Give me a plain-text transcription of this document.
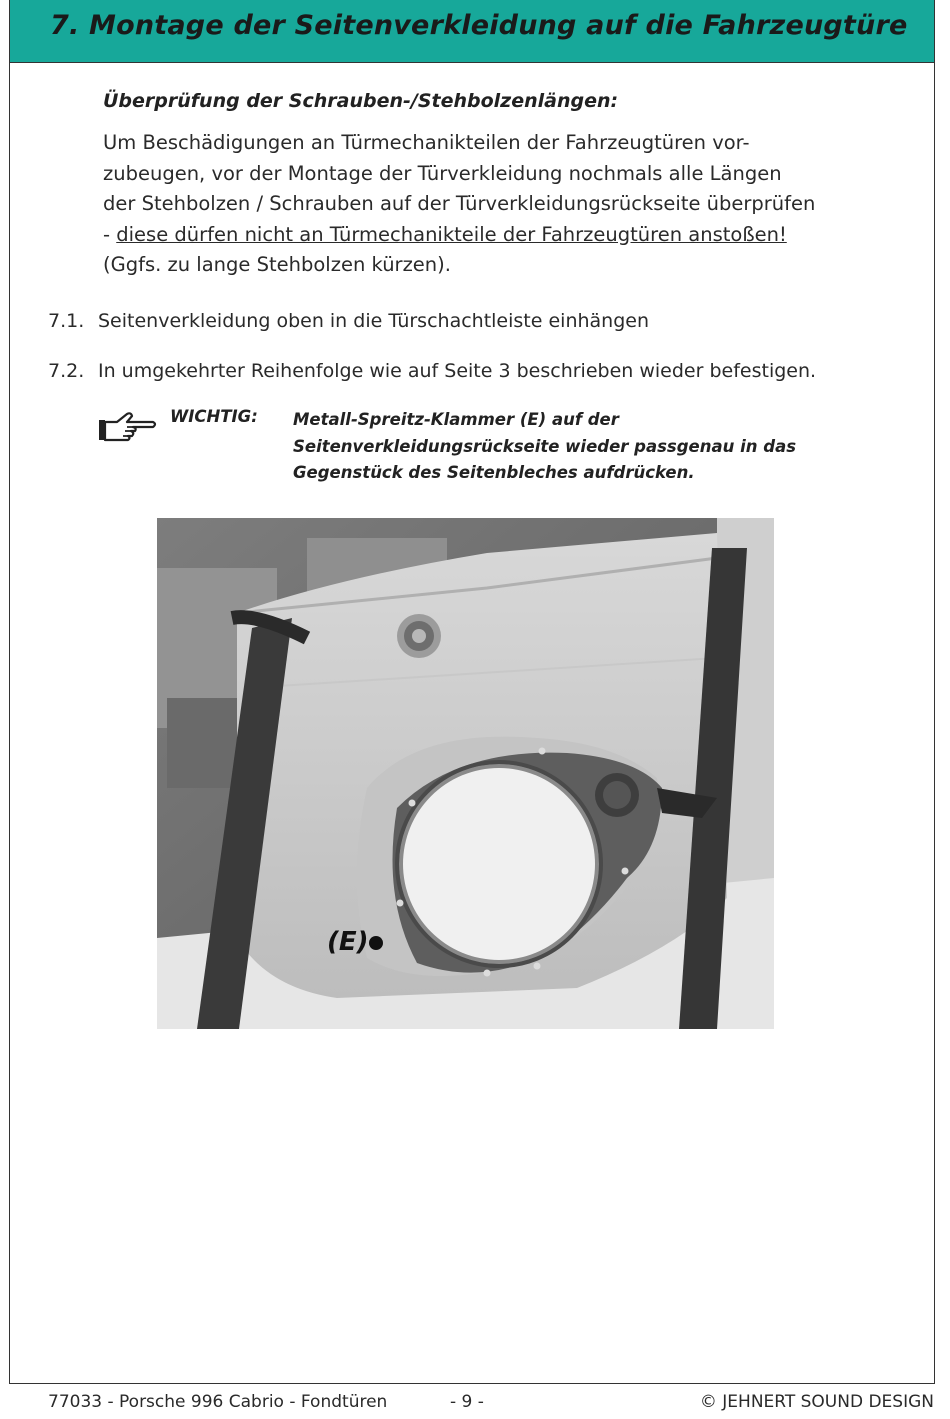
7. Montage der Seitenverkleidung auf die Fahrzeugtüre
Überprüfung der Schrauben-/Stehbolzenlängen:
Um Beschädigungen an Türmechanikteilen der Fahrzeugtüren vor-
zubeugen, vor der Montage der Türverkleidung nochmals alle Längen
der Stehbolzen / Schrauben auf der Türverkleidungsrückseite überprüfen
- diese dürfen nicht an Türmechanikteile der Fahrzeugtüren anstoßen!
(Ggfs. zu lange Stehbolzen kürzen).
7.1. Seitenverkleidung oben in die Türschachtleiste einhängen
7.2. In umgekehrter Reihenfolge wie auf Seite 3 beschrieben wieder befestigen.
WICHTIG: Metall-Spreitz-Klammer (E) auf der
Seitenverkleidungsrückseite wieder passgenau in das
Gegenstück des Seitenbleches aufdrücken.
(E)
77033 - Porsche 996 Cabrio - Fondtüren	- 9 -	© JEHNERT SOUND DESIGN
